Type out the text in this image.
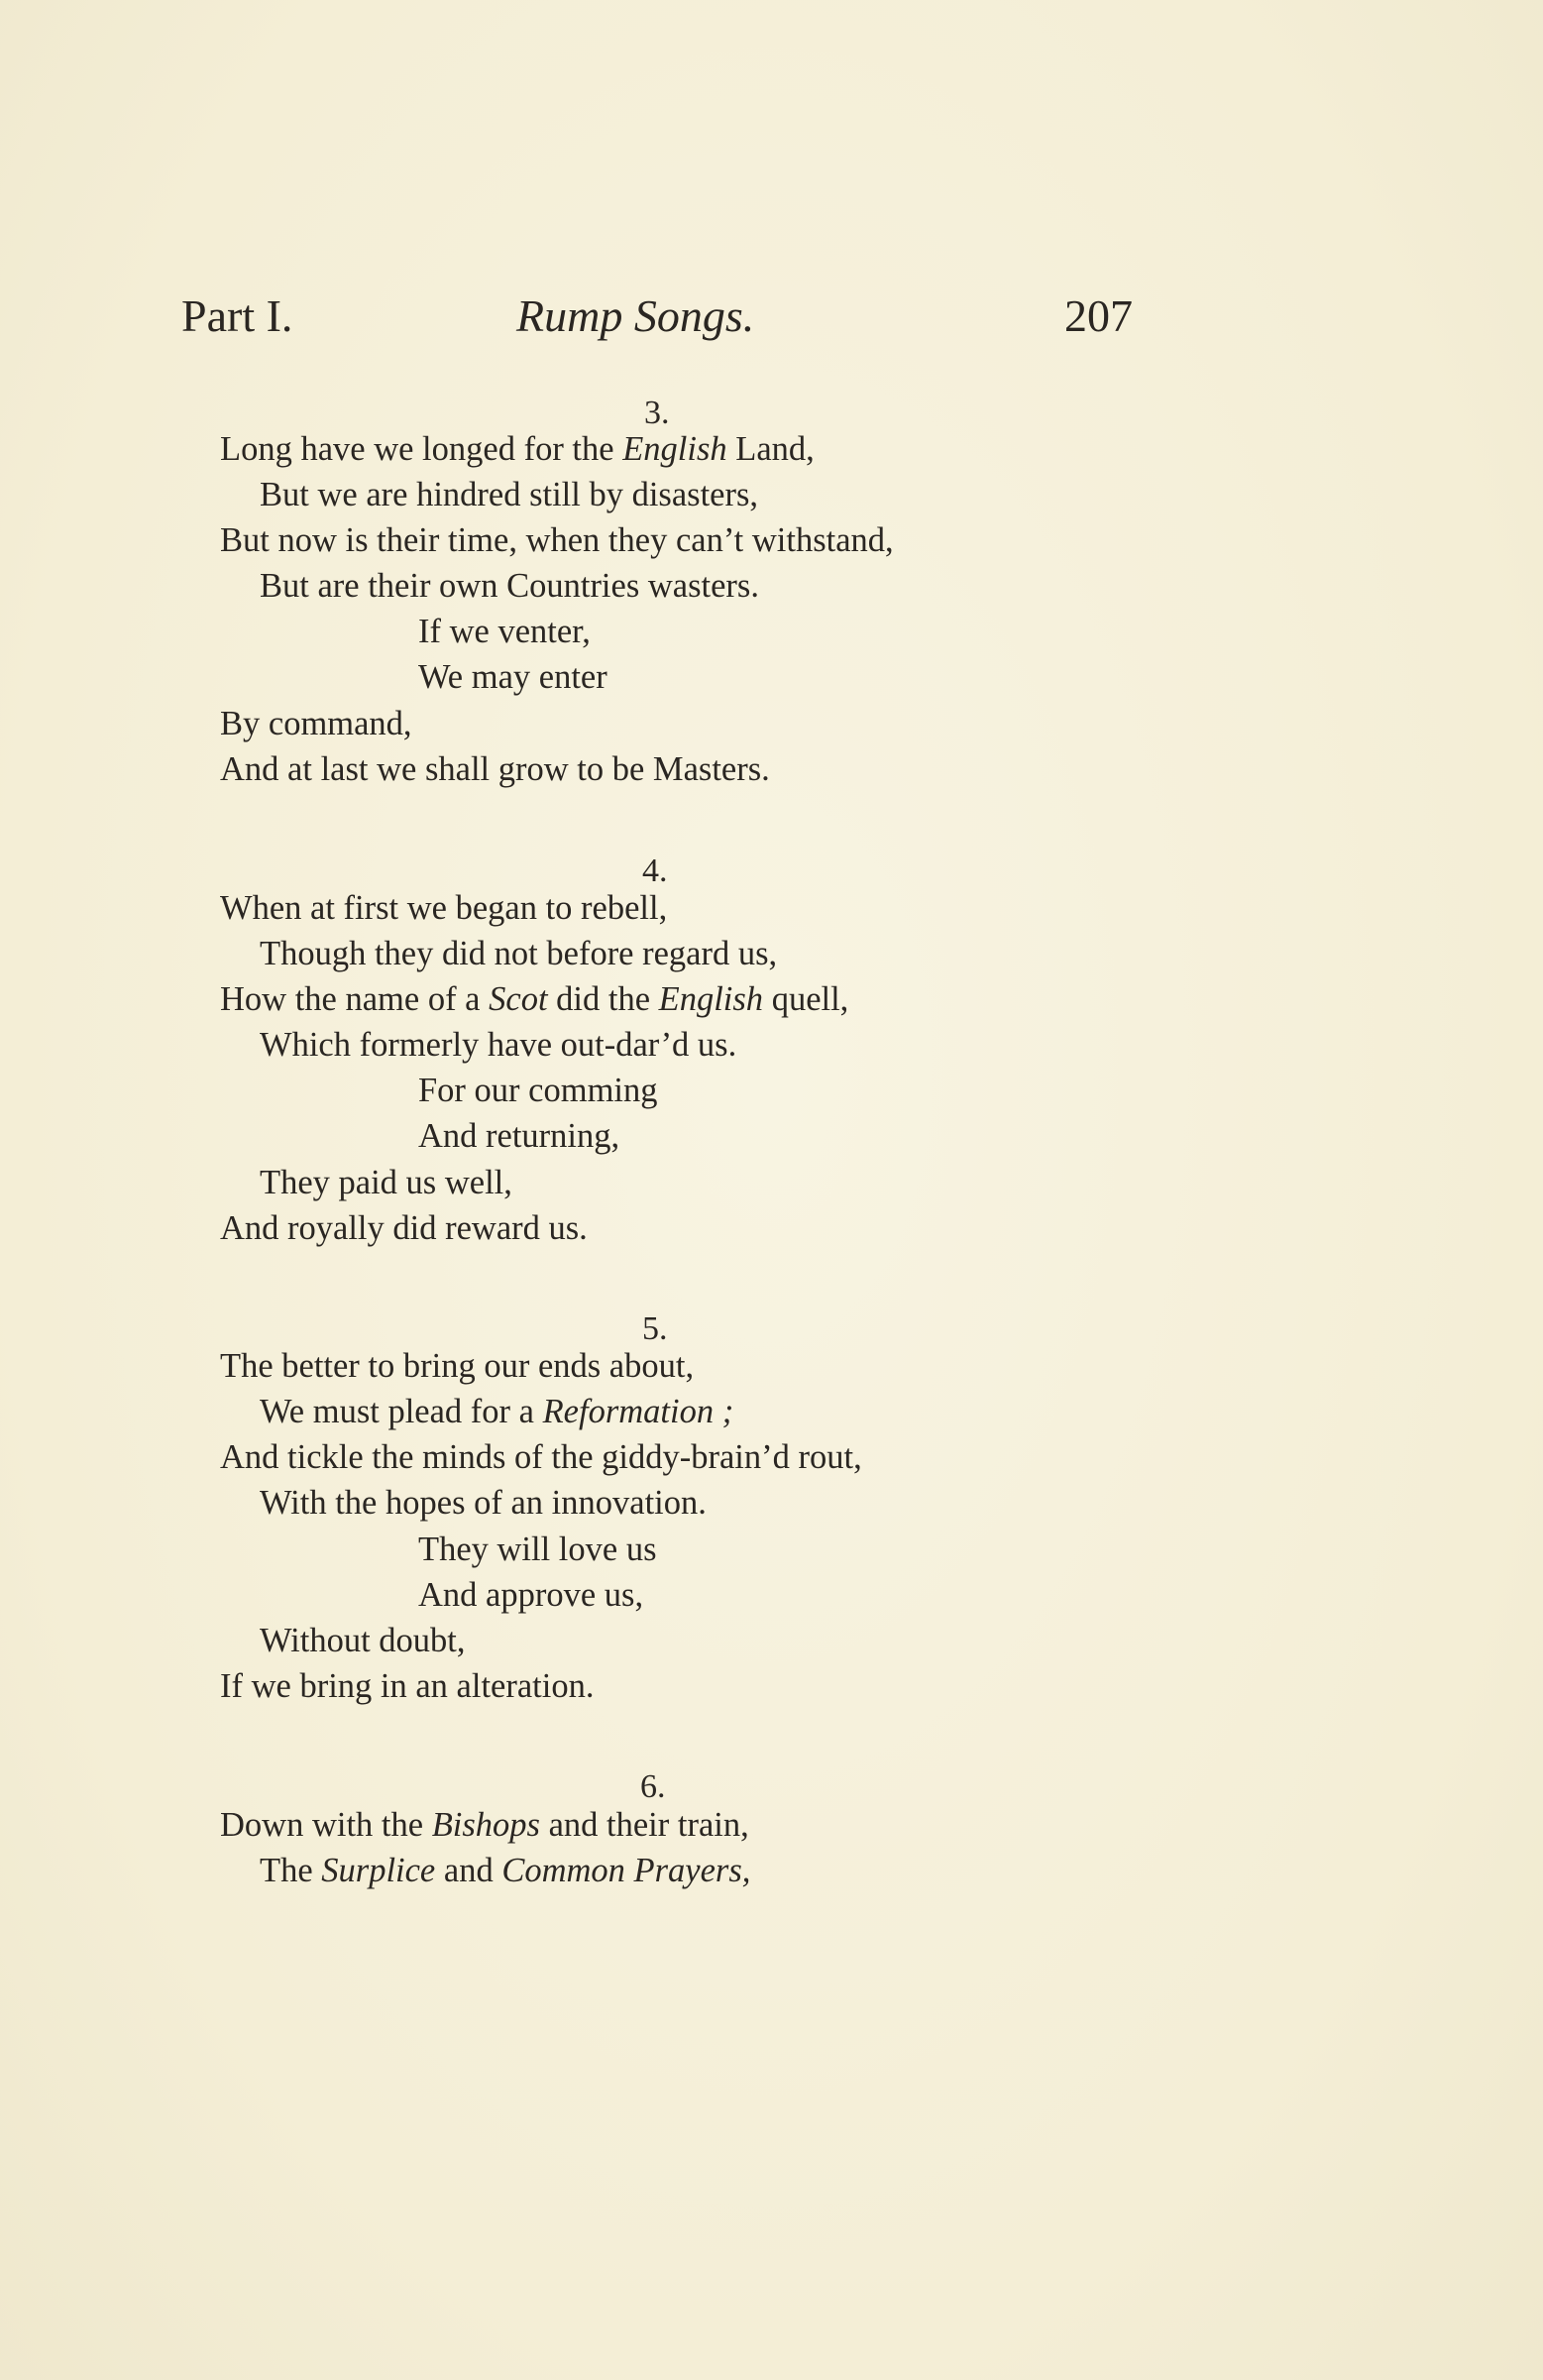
Part I.	Rump Songs.	207
3.
Long have we longed for the English Land,
But we are hindred still by disasters,
But now is their time, when they can’t withstand,
But are their own Countries wasters.
If we venter,
We may enter
By command,
And at last we shall grow to be Masters.
4.
When at first we began to rebell,
Though they did not before regard us,
How the name of a Scot did the English quell,
Which formerly have out-dar’d us.
For our comming
And returning,
They paid us well,
And royally did reward us.
5.
The better to bring our ends about,
We must plead for a Reformation ;
And tickle the minds of the giddy-brain’d rout,
With the hopes of an innovation.
They will love us
And approve us,
Without doubt,
If we bring in an alteration.
6.
Down with the Bishops and their train,
The Surplice and Common Prayers,
